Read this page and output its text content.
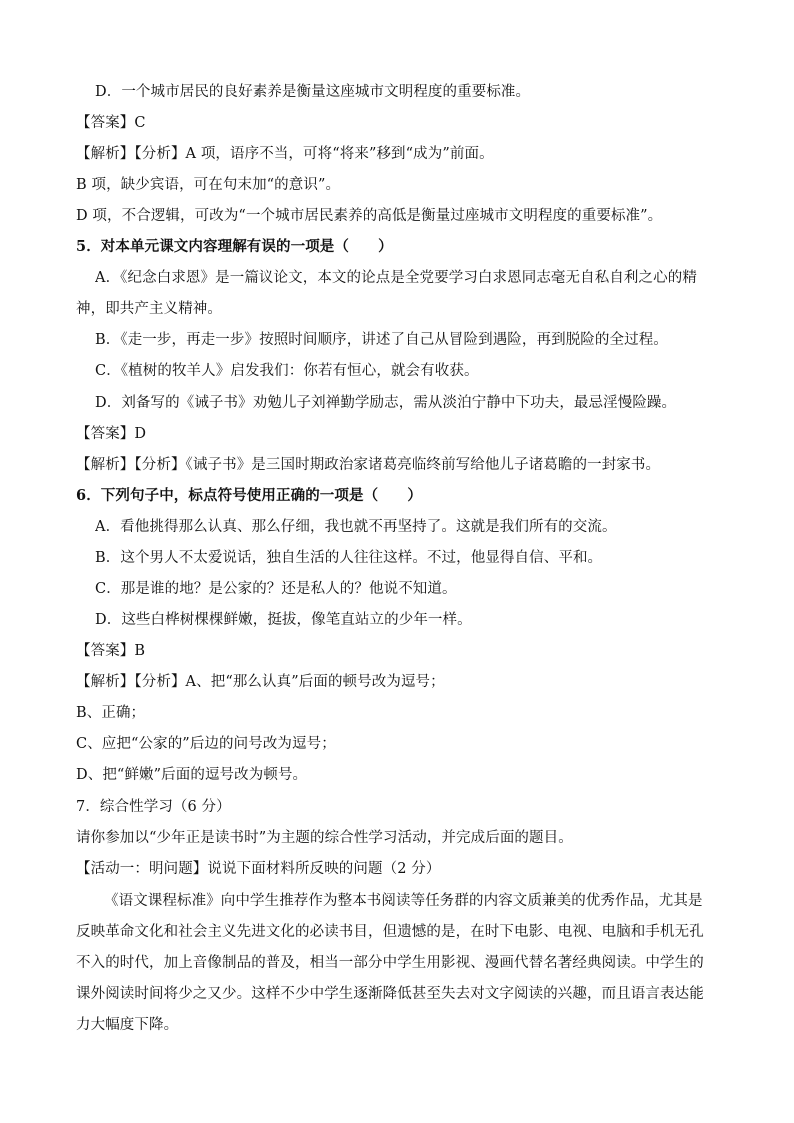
D．一个城市居民的良好素养是衡量这座城市文明程度的重要标准。
【答案】C
【解析】【分析】A 项，语序不当，可将“将来”移到“成为”前面。
B 项，缺少宾语，可在句末加“的意识”。
D 项，不合逻辑，可改为“一个城市居民素养的高低是衡量过座城市文明程度的重要标准”。
5．对本单元课文内容理解有误的一项是（　　）
A．《纪念白求恩》是一篇议论文，本文的论点是全党要学习白求恩同志毫无自私自利之心的精
神，即共产主义精神。
B．《走一步，再走一步》按照时间顺序，讲述了自己从冒险到遇险，再到脱险的全过程。
C．《植树的牧羊人》启发我们：你若有恒心，就会有收获。
D．刘备写的《诫子书》劝勉儿子刘禅勤学励志，需从淡泊宁静中下功夫，最忌淫慢险躁。
【答案】D
【解析】【分析】《诫子书》是三国时期政治家诸葛亮临终前写给他儿子诸葛瞻的一封家书。
6．下列句子中，标点符号使用正确的一项是（　　）
A．看他挑得那么认真、那么仔细，我也就不再坚持了。这就是我们所有的交流。
B．这个男人不太爱说话，独自生活的人往往这样。不过，他显得自信、平和。
C．那是谁的地？是公家的？还是私人的？他说不知道。
D．这些白桦树棵棵鲜嫩，挺拔，像笔直站立的少年一样。
【答案】B
【解析】【分析】A、把“那么认真”后面的顿号改为逗号；
B、正确；
C、应把“公家的”后边的问号改为逗号；
D、把“鲜嫩”后面的逗号改为顿号。
7．综合性学习（6 分）
请你参加以“少年正是读书时”为主题的综合性学习活动，并完成后面的题目。
【活动一：明问题】说说下面材料所反映的问题（2 分）
《语文课程标准》向中学生推荐作为整本书阅读等任务群的内容文质兼美的优秀作品，尤其是
反映革命文化和社会主义先进文化的必读书目，但遗憾的是，在时下电影、电视、电脑和手机无孔
不入的时代，加上音像制品的普及，相当一部分中学生用影视、漫画代替名著经典阅读。中学生的
课外阅读时间将少之又少。这样不少中学生逐渐降低甚至失去对文字阅读的兴趣，而且语言表达能
力大幅度下降。
